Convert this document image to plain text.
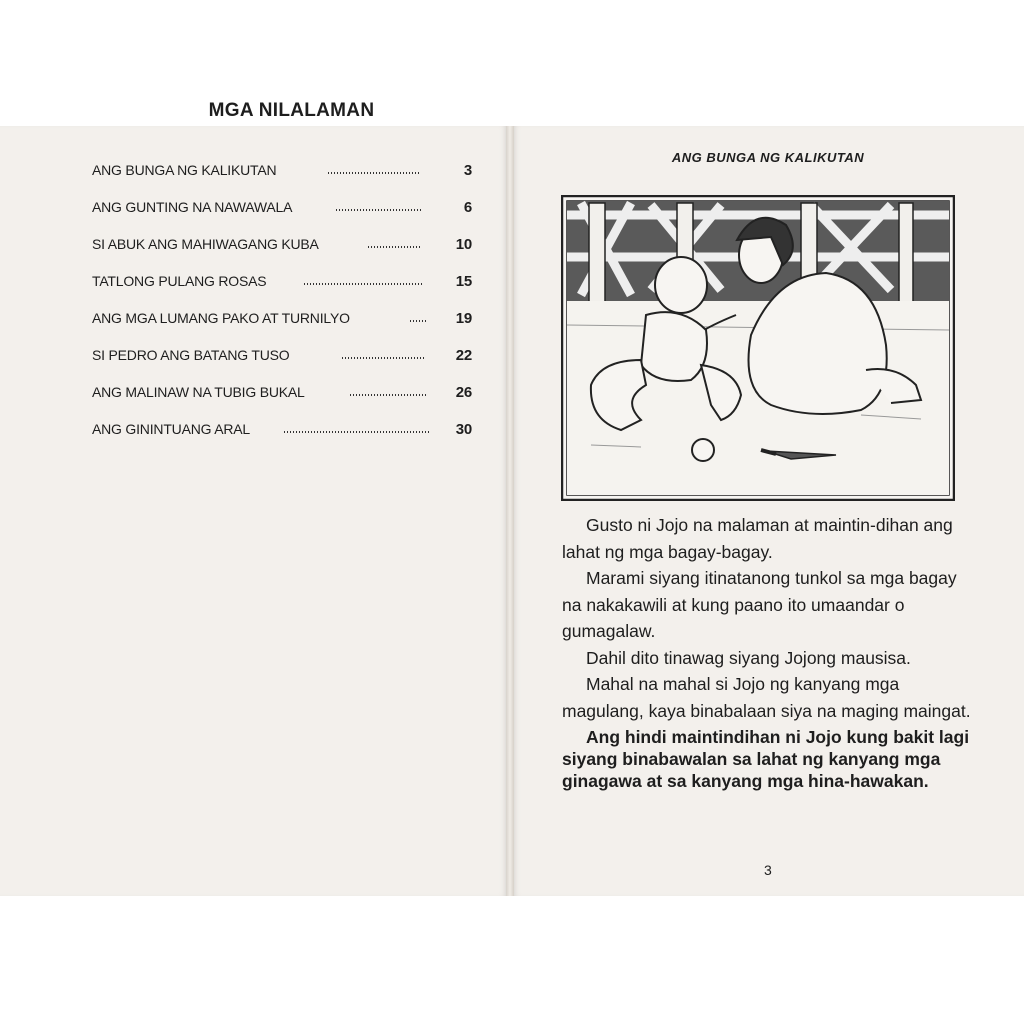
MGA NILALAMAN
ANG BUNGA NG KALIKUTAN	3
ANG GUNTING NA NAWAWALA	6
SI ABUK ANG MAHIWAGANG KUBA	10
TATLONG PULANG ROSAS	15
ANG MGA LUMANG PAKO AT TURNILYO	19
SI PEDRO ANG BATANG TUSO	22
ANG MALINAW NA TUBIG BUKAL	26
ANG GININTUANG ARAL	30
ANG BUNGA NG KALIKUTAN

Gusto ni Jojo na malaman at maintin-dihan ang lahat ng mga bagay-bagay.

Marami siyang itinatanong tunkol sa mga bagay na nakakawili at kung paano ito umaandar o gumagalaw.

Dahil dito tinawag siyang Jojong mausisa.

Mahal na mahal si Jojo ng kanyang mga magulang, kaya binabalaan siya na maging maingat.

Ang hindi maintindihan ni Jojo kung bakit lagi siyang binabawalan sa lahat ng kanyang mga ginagawa at sa kanyang mga hina-hawakan.

3
